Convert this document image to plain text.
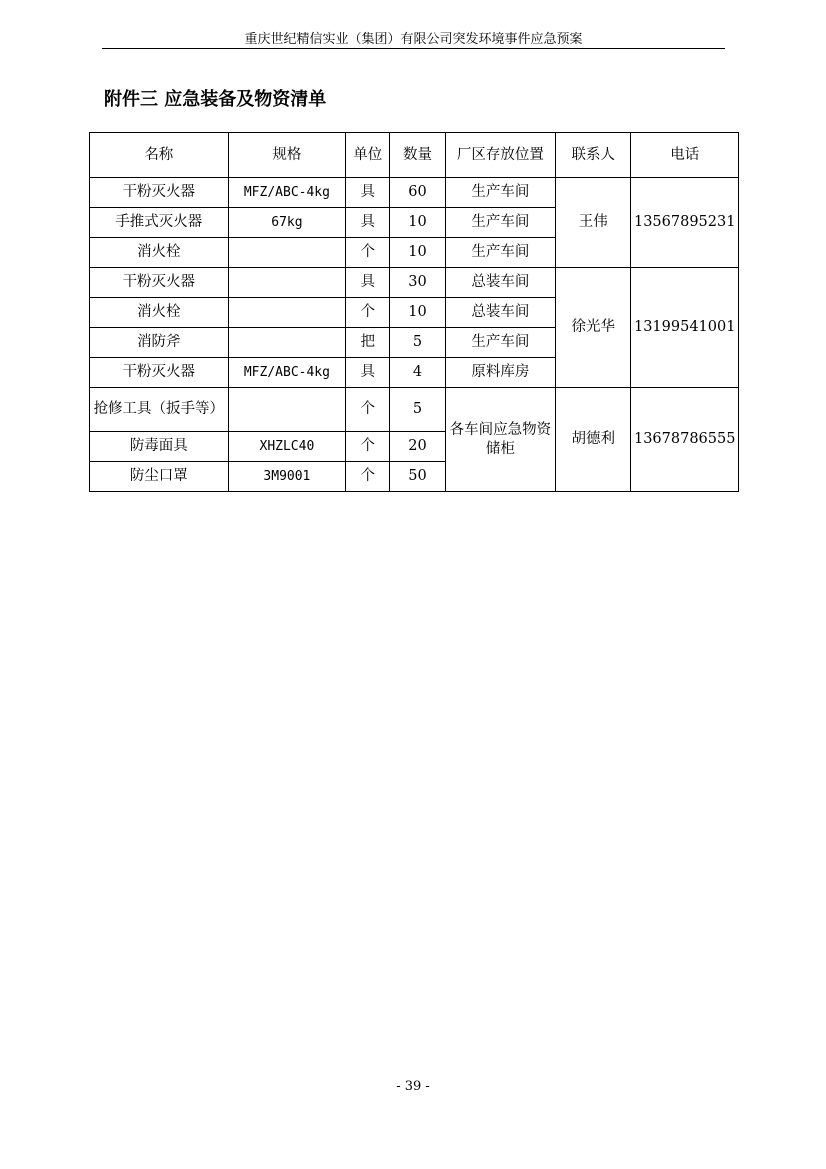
重庆世纪精信实业（集团）有限公司突发环境事件应急预案
附件三 应急装备及物资清单
名称	规格	单位	数量	厂区存放位置	联系人	电话
干粉灭火器	MFZ/ABC-4kg	具	60	生产车间	王伟	13567895231
手推式灭火器	67kg	具	10	生产车间		
消火栓		个	10	生产车间		
干粉灭火器		具	30	总装车间	徐光华	13199541001
消火栓		个	10	总装车间		
消防斧		把	5	生产车间		
干粉灭火器	MFZ/ABC-4kg	具	4	原料库房		
抢修工具（扳手等）		个	5	各车间应急物资储柜	胡德利	13678786555
防毒面具	XHZLC40	个	20			
防尘口罩	3M9001	个	50			
- 39 -
